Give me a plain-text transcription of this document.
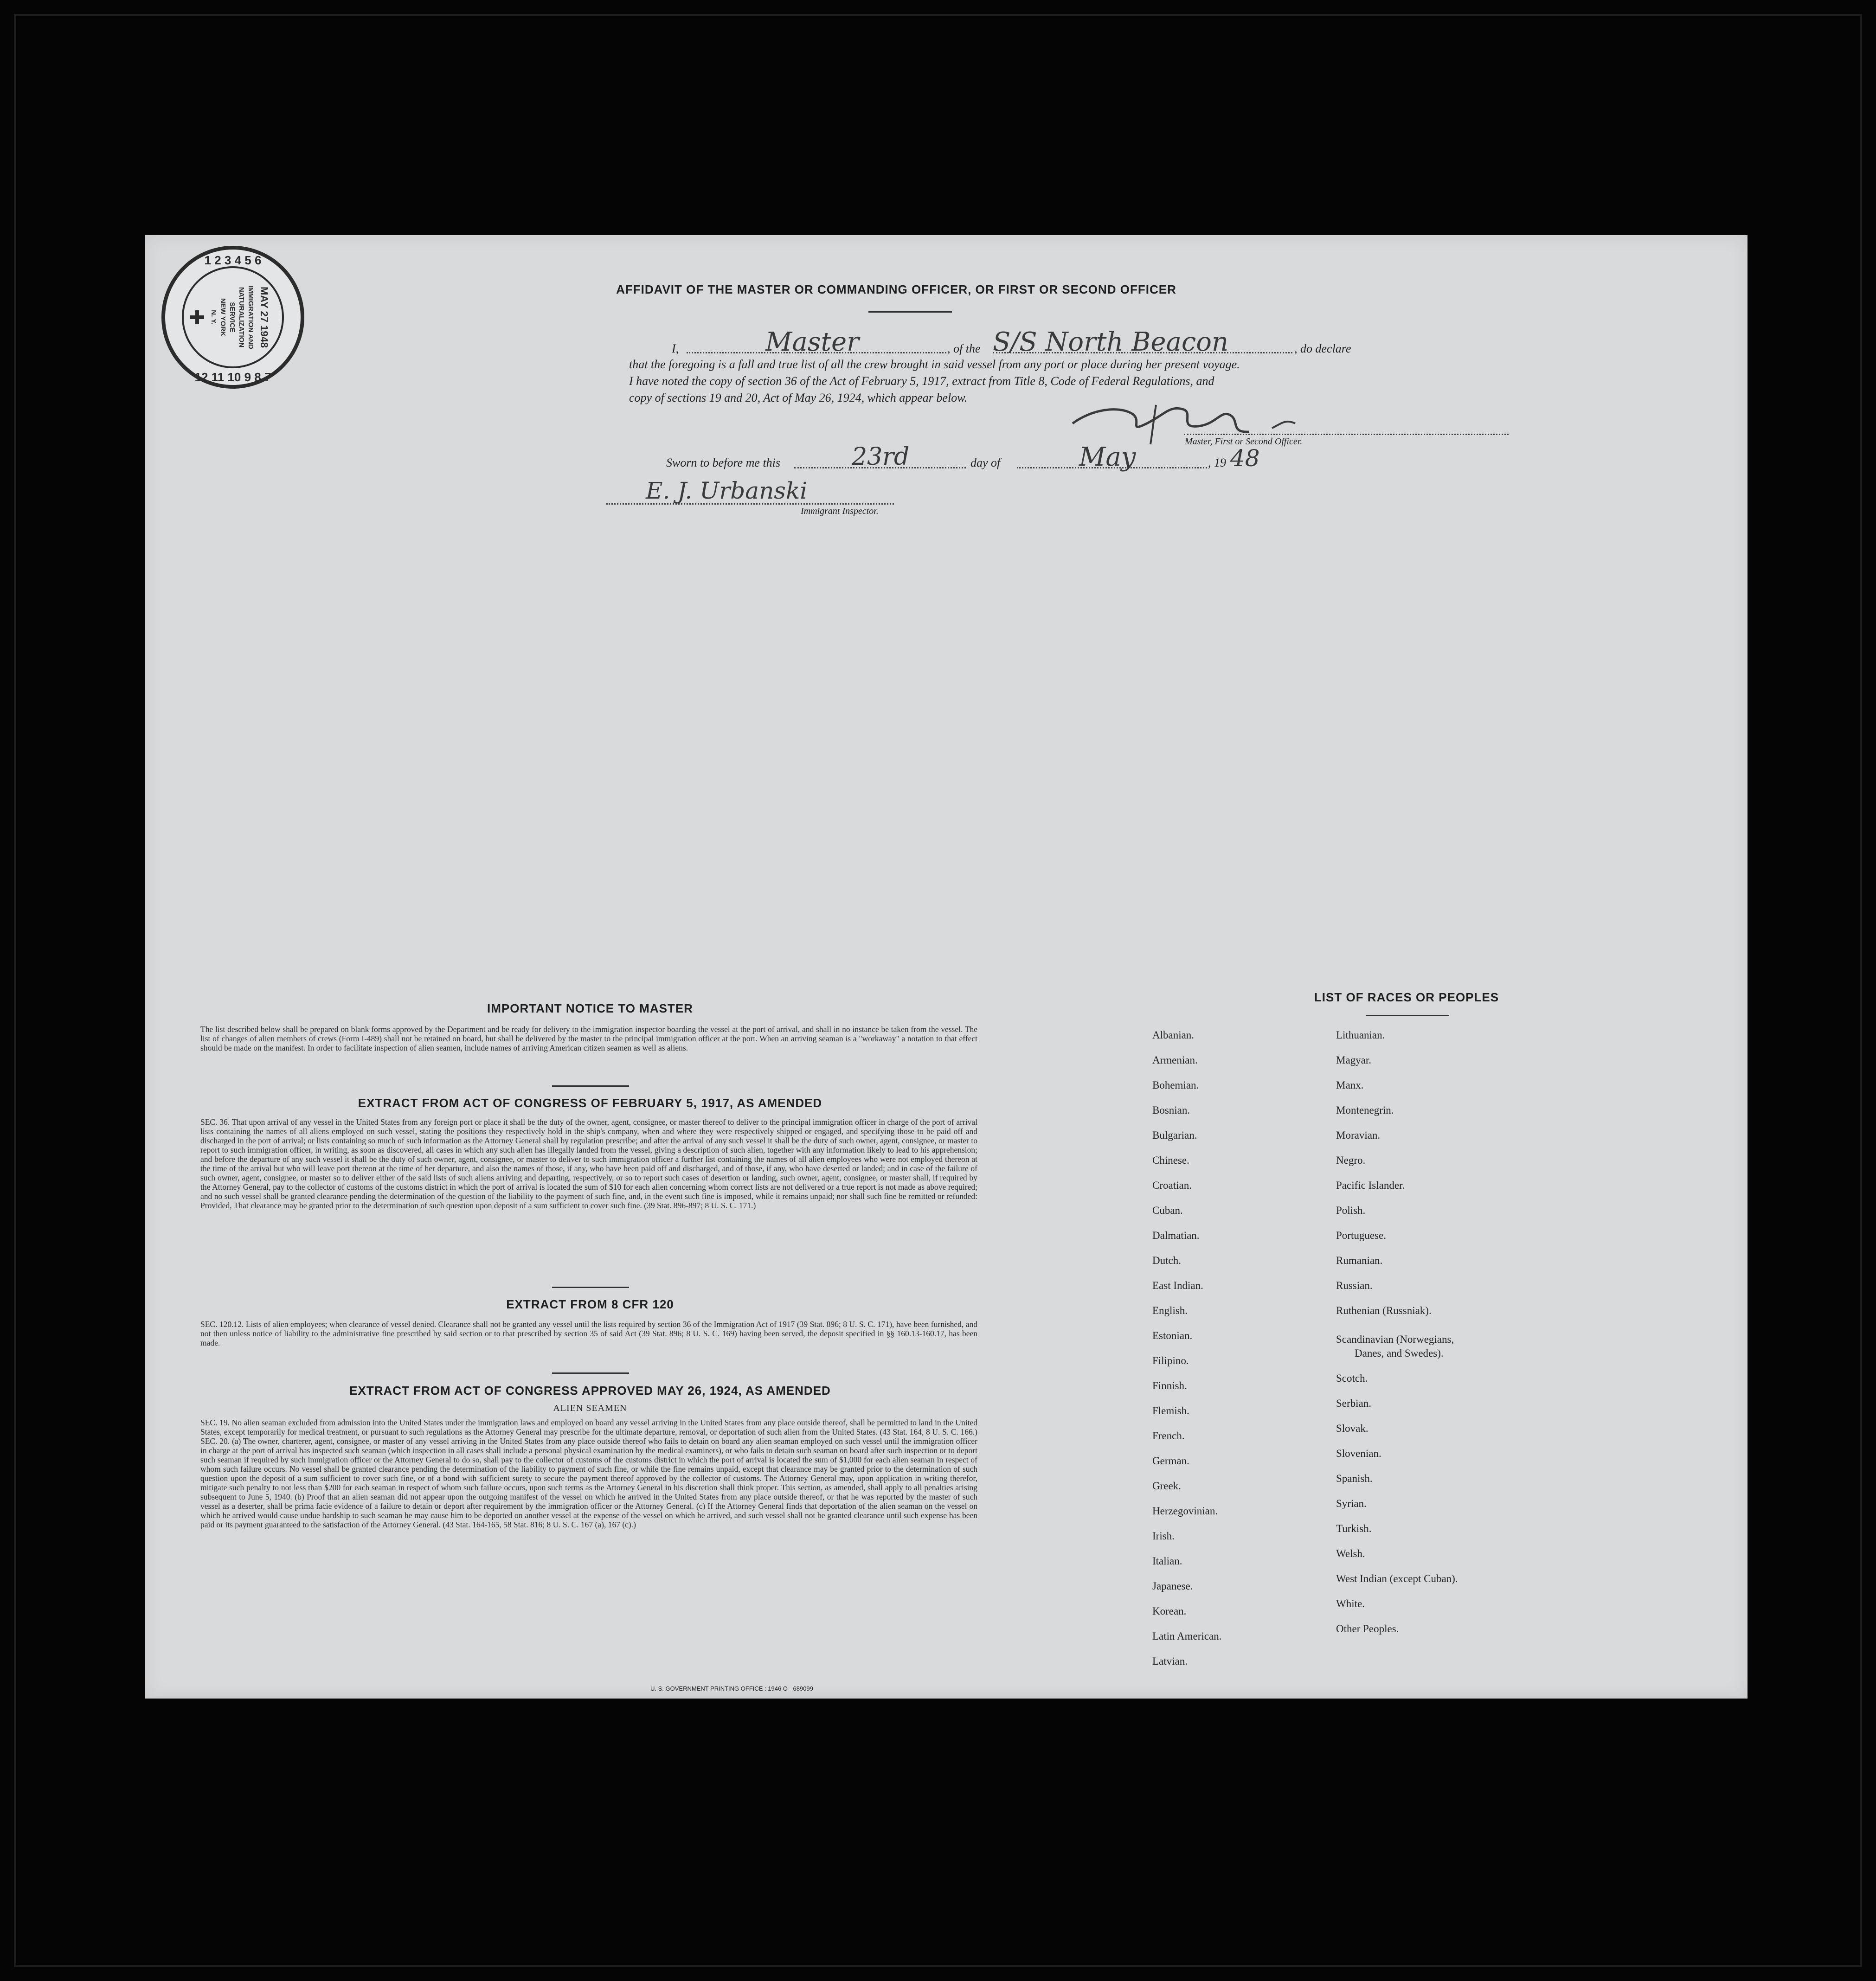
AFFIDAVIT OF THE MASTER OR COMMANDING OFFICER, OR FIRST OR SECOND OFFICER
I,	Master	, of the S/S North Beacon	, do declare
that the foregoing is a full and true list of all the crew brought in said vessel from any port or place during her present voyage.
I have noted the copy of section 36 of the Act of February 5, 1917, extract from Title 8, Code of Federal Regulations, and
copy of sections 19 and 20, Act of May 26, 1924, which appear below.
Master, First or Second Officer.
Sworn to before me this	23rd	day of	May	, 19 48
E. J. Urbanski
Immigrant Inspector.
IMPORTANT NOTICE TO MASTER
The list described below shall be prepared on blank forms approved by the Department and be ready for delivery to the immigration inspector boarding the vessel at the port of arrival, and shall in no instance be taken from the vessel. The list of changes of alien members of crews (Form I-489) shall not be retained on board, but shall be delivered by the master to the principal immigration officer at the port. When an arriving seaman is a "workaway" a notation to that effect should be made on the manifest. In order to facilitate inspection of alien seamen, include names of arriving American citizen seamen as well as aliens.
EXTRACT FROM ACT OF CONGRESS OF FEBRUARY 5, 1917, AS AMENDED
SEC. 36. That upon arrival of any vessel in the United States from any foreign port or place it shall be the duty of the owner, agent, consignee, or master thereof to deliver to the principal immigration officer in charge of the port of arrival lists containing the names of all aliens employed on such vessel, stating the positions they respectively hold in the ship's company, when and where they were respectively shipped or engaged, and specifying those to be paid off and discharged in the port of arrival; or lists containing so much of such information as the Attorney General shall by regulation prescribe; and after the arrival of any such vessel it shall be the duty of such owner, agent, consignee, or master to report to such immigration officer, in writing, as soon as discovered, all cases in which any such alien has illegally landed from the vessel, giving a description of such alien, together with any information likely to lead to his apprehension; and before the departure of any such vessel it shall be the duty of such owner, agent, consignee, or master to deliver to such immigration officer a further list containing the names of all alien employees who were not employed thereon at the time of the arrival but who will leave port thereon at the time of her departure, and also the names of those, if any, who have been paid off and discharged, and of those, if any, who have deserted or landed; and in case of the failure of such owner, agent, consignee, or master so to deliver either of the said lists of such aliens arriving and departing, respectively, or so to report such cases of desertion or landing, such owner, agent, consignee, or master shall, if required by the Attorney General, pay to the collector of customs of the customs district in which the port of arrival is located the sum of $10 for each alien concerning whom correct lists are not delivered or a true report is not made as above required; and no such vessel shall be granted clearance pending the determination of the question of the liability to the payment of such fine, and, in the event such fine is imposed, while it remains unpaid; nor shall such fine be remitted or refunded: Provided, That clearance may be granted prior to the determination of such question upon deposit of a sum sufficient to cover such fine. (39 Stat. 896-897; 8 U. S. C. 171.)
EXTRACT FROM 8 CFR 120
SEC. 120.12. Lists of alien employees; when clearance of vessel denied. Clearance shall not be granted any vessel until the lists required by section 36 of the Immigration Act of 1917 (39 Stat. 896; 8 U. S. C. 171), have been furnished, and not then unless notice of liability to the administrative fine prescribed by said section or to that prescribed by section 35 of said Act (39 Stat. 896; 8 U. S. C. 169) having been served, the deposit specified in §§ 160.13-160.17, has been made.
EXTRACT FROM ACT OF CONGRESS APPROVED MAY 26, 1924, AS AMENDED
ALIEN SEAMEN
SEC. 19. No alien seaman excluded from admission into the United States under the immigration laws and employed on board any vessel arriving in the United States from any place outside thereof, shall be permitted to land in the United States, except temporarily for medical treatment, or pursuant to such regulations as the Attorney General may prescribe for the ultimate departure, removal, or deportation of such alien from the United States. (43 Stat. 164, 8 U. S. C. 166.) SEC. 20. (a) The owner, charterer, agent, consignee, or master of any vessel arriving in the United States from any place outside thereof who fails to detain on board any alien seaman employed on such vessel until the immigration officer in charge at the port of arrival has inspected such seaman (which inspection in all cases shall include a personal physical examination by the medical examiners), or who fails to detain such seaman on board after such inspection or to deport such seaman if required by such immigration officer or the Attorney General to do so, shall pay to the collector of customs of the customs district in which the port of arrival is located the sum of $1,000 for each alien seaman in respect of whom such failure occurs. No vessel shall be granted clearance pending the determination of the liability to payment of such fine, or while the fine remains unpaid, except that clearance may be granted prior to the determination of such question upon the deposit of a sum sufficient to cover such fine, or of a bond with sufficient surety to secure the payment thereof approved by the collector of customs. The Attorney General may, upon application in writing therefor, mitigate such penalty to not less than $200 for each seaman in respect of whom such failure occurs, upon such terms as the Attorney General in his discretion shall think proper. This section, as amended, shall apply to all penalties arising subsequent to June 5, 1940. (b) Proof that an alien seaman did not appear upon the outgoing manifest of the vessel on which he arrived in the United States from any place outside thereof, or that he was reported by the master of such vessel as a deserter, shall be prima facie evidence of a failure to detain or deport after requirement by the immigration officer or the Attorney General. (c) If the Attorney General finds that deportation of the alien seaman on the vessel on which he arrived would cause undue hardship to such seaman he may cause him to be deported on another vessel at the expense of the vessel on which he arrived, and such vessel shall not be granted clearance until such expense has been paid or its payment guaranteed to the satisfaction of the Attorney General. (43 Stat. 164-165, 58 Stat. 816; 8 U. S. C. 167 (a), 167 (c).)
U. S. GOVERNMENT PRINTING OFFICE : 1946 O - 689099
LIST OF RACES OR PEOPLES
Albanian.
Armenian.
Bohemian.
Bosnian.
Bulgarian.
Chinese.
Croatian.
Cuban.
Dalmatian.
Dutch.
East Indian.
English.
Estonian.
Filipino.
Finnish.
Flemish.
French.
German.
Greek.
Herzegovinian.
Irish.
Italian.
Japanese.
Korean.
Latin American.
Latvian.
Lithuanian.
Magyar.
Manx.
Montenegrin.
Moravian.
Negro.
Pacific Islander.
Polish.
Portuguese.
Rumanian.
Russian.
Ruthenian (Russniak).
Scandinavian (Norwegians,
Danes, and Swedes).
Scotch.
Serbian.
Slovak.
Slovenian.
Spanish.
Syrian.
Turkish.
Welsh.
West Indian (except Cuban).
White.
Other Peoples.
1 2 3 4 5 6
12 11 10 9 8 7
MAY 27 1948
IMMIGRATION AND
NATURALIZATION
SERVICE
NEW YORK
N. Y.
